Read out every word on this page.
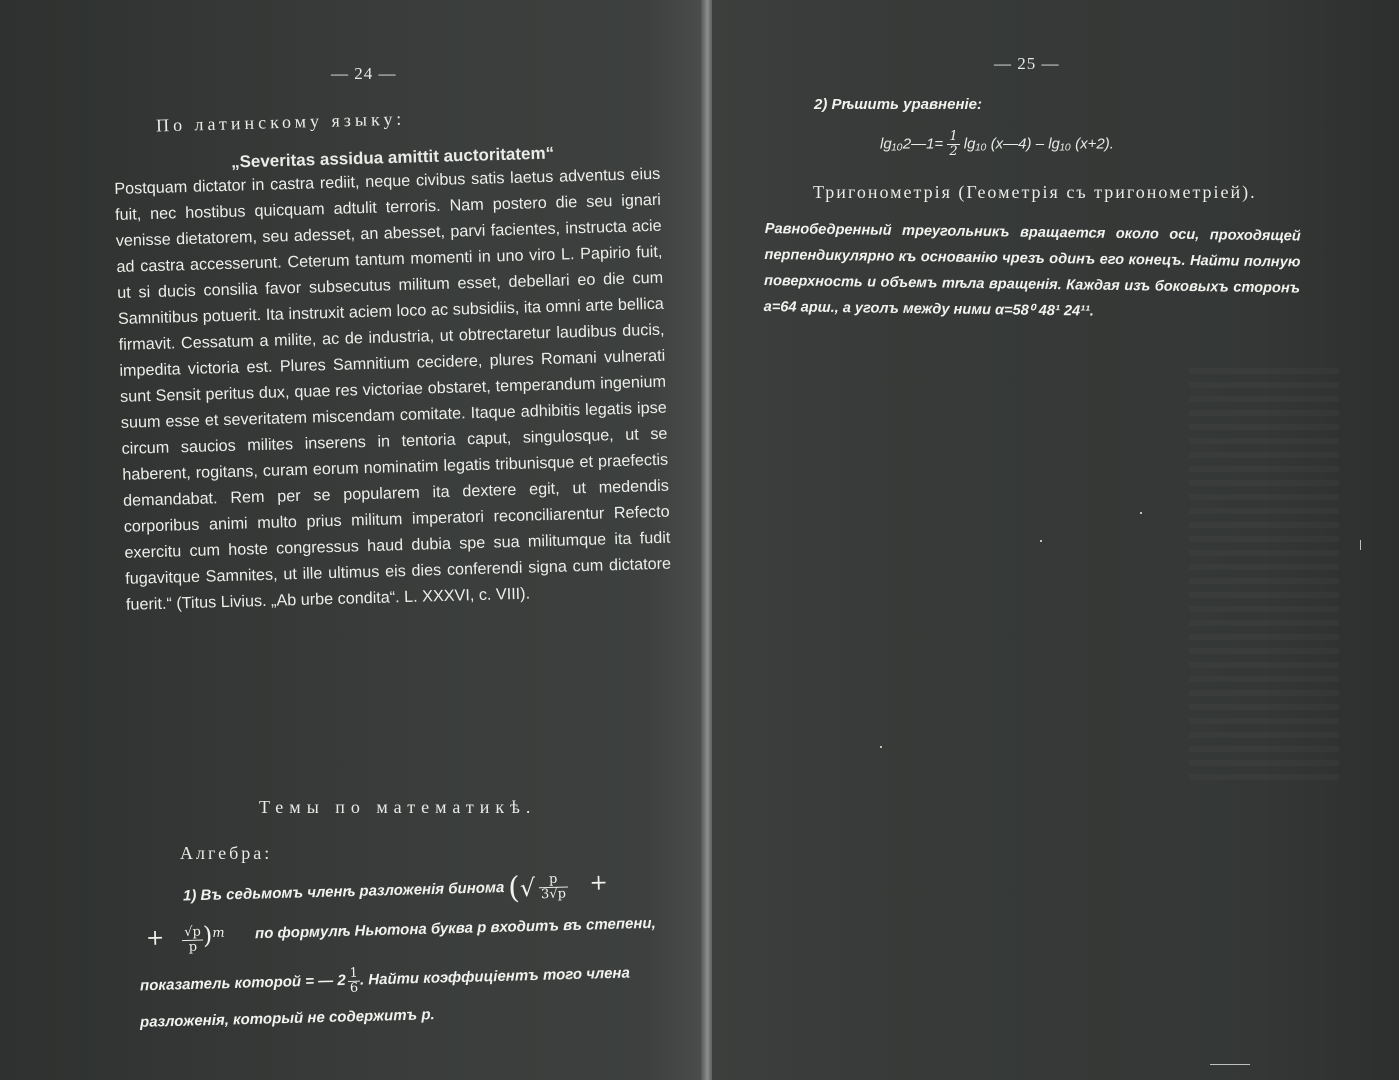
— 24 —
По латинскому языку:
„Severitas assidua amittit auctoritatem“
Postquam dictator in castra rediit, neque civibus satis laetus adventus eius fuit, nec hostibus quicquam adtulit terroris. Nam postero die seu ignari venisse dietatorem, seu adesset, an abesset, parvi facientes, instructa acie ad castra accesserunt. Ceterum tantum momenti in uno viro L. Papirio fuit, ut si ducis consilia favor subsecutus militum esset, debellari eo die cum Samnitibus potuerit. Ita instruxit aciem loco ac subsidiis, ita omni arte bellica firmavit. Cessatum a milite, ac de industria, ut obtrectaretur laudibus ducis, impedita victoria est. Plures Samnitium cecidere, plures Romani vulnerati sunt Sensit peritus dux, quae res victoriae obstaret, temperandum ingenium suum esse et severitatem miscendam comitate. Itaque adhibitis legatis ipse circum saucios milites inserens in tentoria caput, singulosque, ut se haberent, rogitans, curam eorum nominatim legatis tribunisque et praefectis demandabat. Rem per se popularem ita dextere egit, ut medendis corporibus animi multo prius militum imperatori reconciliarentur Refecto exercitu cum hoste congressus haud dubia spe sua militumque ita fudit fugavitque Samnites, ut ille ultimus eis dies conferendi signa cum dictatore fuerit.“ (Titus Livius. „Ab urbe condita“. L. XXXVI, c. VIII).
Темы по математикѣ.
Алгебра:
1) Въ седьмомъ членѣ разложенія бинома (√ $\frac{p}{3√p}$ +
+ $\frac{√p}{p} )^m$ по формулѣ Ньютона буква p входитъ въ степени,
показатель которой = — $2 \frac{1}{6}$ . Найти коэффиціентъ того члена
разложенія, который не содержитъ p.
— 25 —
2) Рѣшить уравненіе:
lg₁₀2—1= $\frac{1}{2} \lg_{10}$ (x—4) – lg₁₀ (x+2).
Тригонометрія (Геометрія съ тригонометріей).
Равнобедренный треугольникъ вращается около оси, проходящей перпендикулярно къ основанію чрезъ одинъ его конецъ. Найти полную поверхность и объемъ тѣла вращенія. Каждая изъ боковыхъ сторонъ a=64 арш., а уголъ между ними α=58⁰ 48¹ 24¹¹.
